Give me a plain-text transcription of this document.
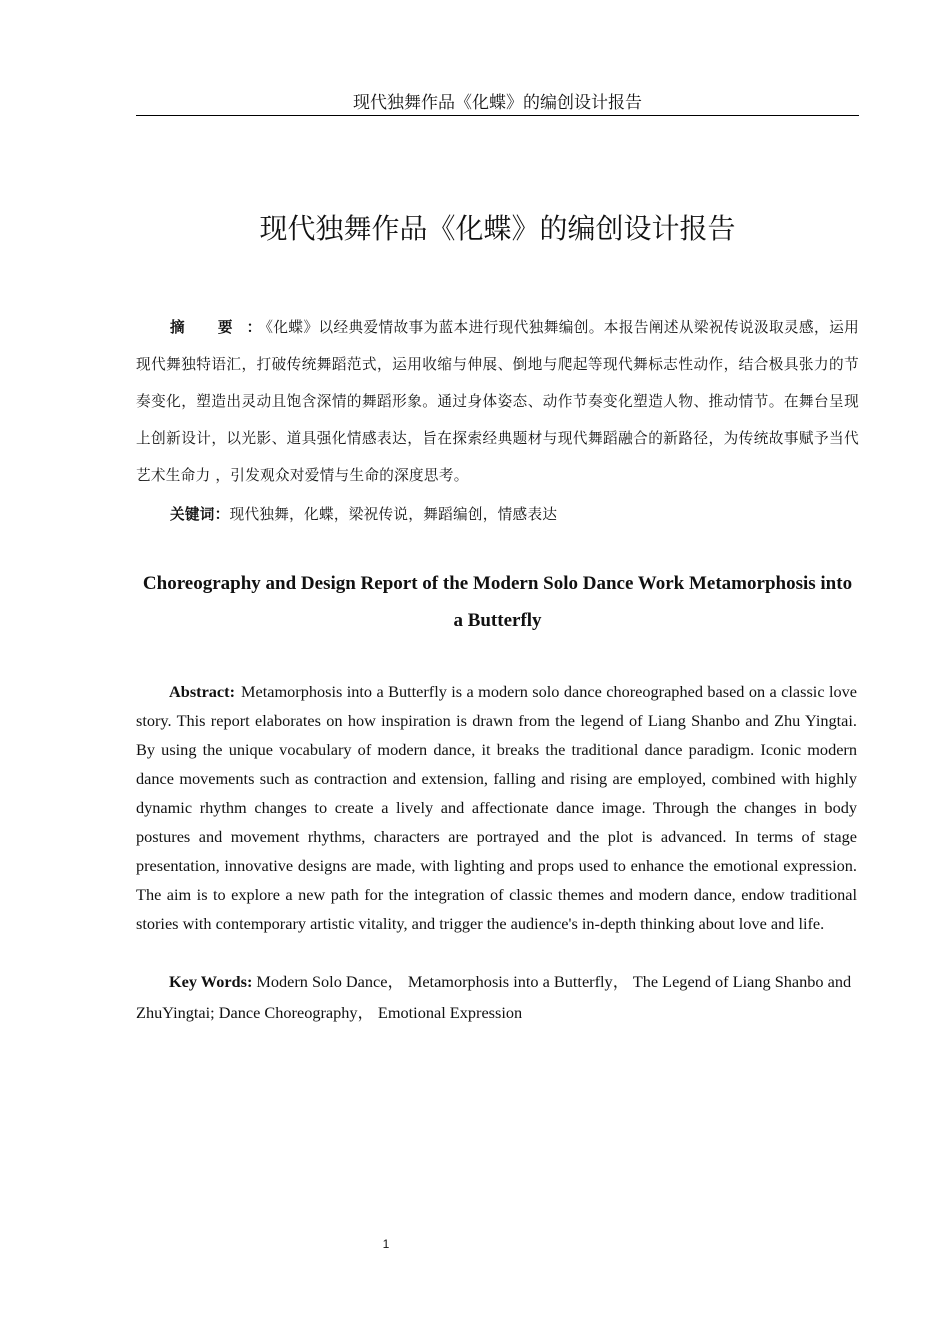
现代独舞作品《化蝶》的编创设计报告
现代独舞作品《化蝶》的编创设计报告

摘 要： 《化蝶》以经典爱情故事为蓝本进行现代独舞编创。本报告阐述从梁祝传说汲取灵感，运用现代舞独特语汇，打破传统舞蹈范式，运用收缩与伸展、倒地与爬起等现代舞标志性动作，结合极具张力的节奏变化，塑造出灵动且饱含深情的舞蹈形象。通过身体姿态、动作节奏变化塑造人物、推动情节。在舞台呈现上创新设计，以光影、道具强化情感表达，旨在探索经典题材与现代舞蹈融合的新路径，为传统故事赋予当代艺术生命力 ，引发观众对爱情与生命的深度思考。

关键词：现代独舞，化蝶，梁祝传说，舞蹈编创，情感表达

Choreography and Design Report of the Modern Solo Dance Work Metamorphosis into a Butterfly

Abstract: Metamorphosis into a Butterfly is a modern solo dance choreographed based on a classic love story. This report elaborates on how inspiration is drawn from the legend of Liang Shanbo and Zhu Yingtai. By using the unique vocabulary of modern dance, it breaks the traditional dance paradigm. Iconic modern dance movements such as contraction and extension, falling and rising are employed, combined with highly dynamic rhythm changes to create a lively and affectionate dance image. Through the changes in body postures and movement rhythms, characters are portrayed and the plot is advanced. In terms of stage presentation, innovative designs are made, with lighting and props used to enhance the emotional expression. The aim is to explore a new path for the integration of classic themes and modern dance, endow traditional stories with contemporary artistic vitality, and trigger the audience's in-depth thinking about love and life.

Key Words: Modern Solo Dance， Metamorphosis into a Butterfly， The Legend of Liang Shanbo and ZhuYingtai; Dance Choreography， Emotional Expression

1
